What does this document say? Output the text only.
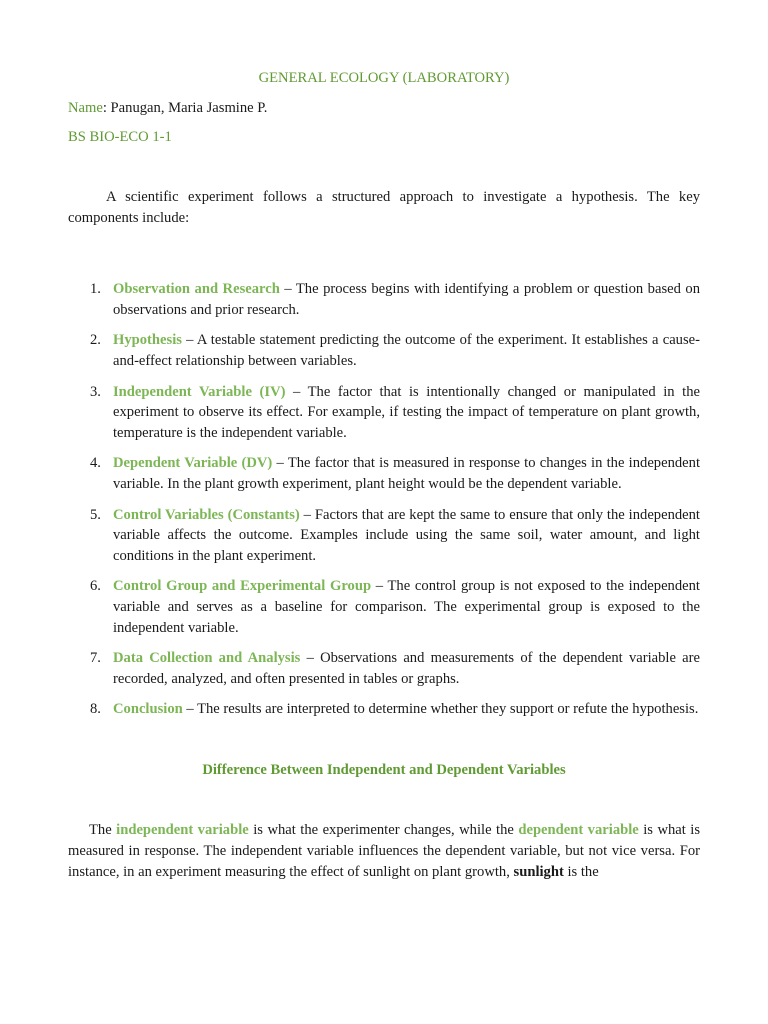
GENERAL ECOLOGY (LABORATORY)

Name: Panugan, Maria Jasmine P.
BS BIO-ECO 1-1

A scientific experiment follows a structured approach to investigate a hypothesis. The key components include:

1. Observation and Research – The process begins with identifying a problem or question based on observations and prior research.
2. Hypothesis – A testable statement predicting the outcome of the experiment. It establishes a cause-and-effect relationship between variables.
3. Independent Variable (IV) – The factor that is intentionally changed or manipulated in the experiment to observe its effect. For example, if testing the impact of temperature on plant growth, temperature is the independent variable.
4. Dependent Variable (DV) – The factor that is measured in response to changes in the independent variable. In the plant growth experiment, plant height would be the dependent variable.
5. Control Variables (Constants) – Factors that are kept the same to ensure that only the independent variable affects the outcome. Examples include using the same soil, water amount, and light conditions in the plant experiment.
6. Control Group and Experimental Group – The control group is not exposed to the independent variable and serves as a baseline for comparison. The experimental group is exposed to the independent variable.
7. Data Collection and Analysis – Observations and measurements of the dependent variable are recorded, analyzed, and often presented in tables or graphs.
8. Conclusion – The results are interpreted to determine whether they support or refute the hypothesis.
Difference Between Independent and Dependent Variables

The independent variable is what the experimenter changes, while the dependent variable is what is measured in response. The independent variable influences the dependent variable, but not vice versa. For instance, in an experiment measuring the effect of sunlight on plant growth, sunlight is the
